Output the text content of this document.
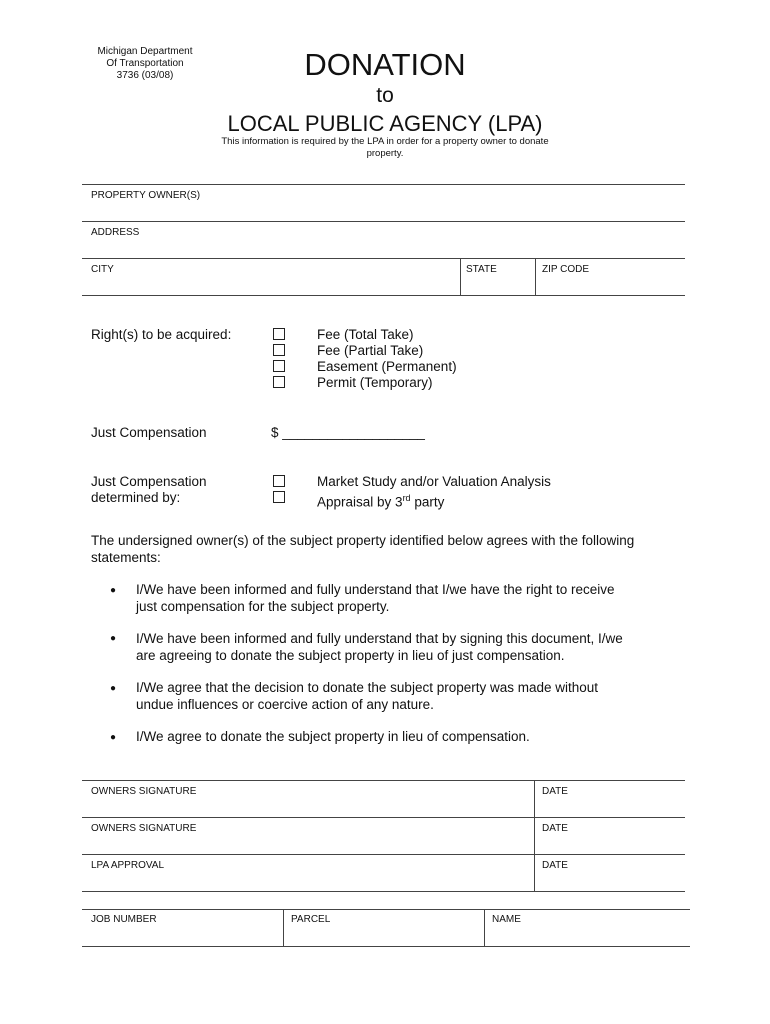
Michigan Department
Of Transportation
3736 (03/08)	DONATION
to
LOCAL PUBLIC AGENCY (LPA)
This information is required by the LPA in order for a property owner to donate property.
PROPERTY OWNER(S)
ADDRESS
CITY	STATE	ZIP CODE
Right(s) to be acquired:	Fee (Total Take)
Fee (Partial Take)
Easement (Permanent)
Permit (Temporary)
Just Compensation	$ ___________________
Just Compensation
determined by:
Market Study and/or Valuation Analysis
Appraisal by 3rd party
The undersigned owner(s) of the subject property identified below agrees with the following statements:
● I/We have been informed and fully understand that I/we have the right to receive just compensation for the subject property.
● I/We have been informed and fully understand that by signing this document, I/we are agreeing to donate the subject property in lieu of just compensation.
● I/We agree that the decision to donate the subject property was made without undue influences or coercive action of any nature.
● I/We agree to donate the subject property in lieu of compensation.
OWNERS SIGNATURE	DATE
OWNERS SIGNATURE	DATE
LPA APPROVAL	DATE
JOB NUMBER	PARCEL	NAME
